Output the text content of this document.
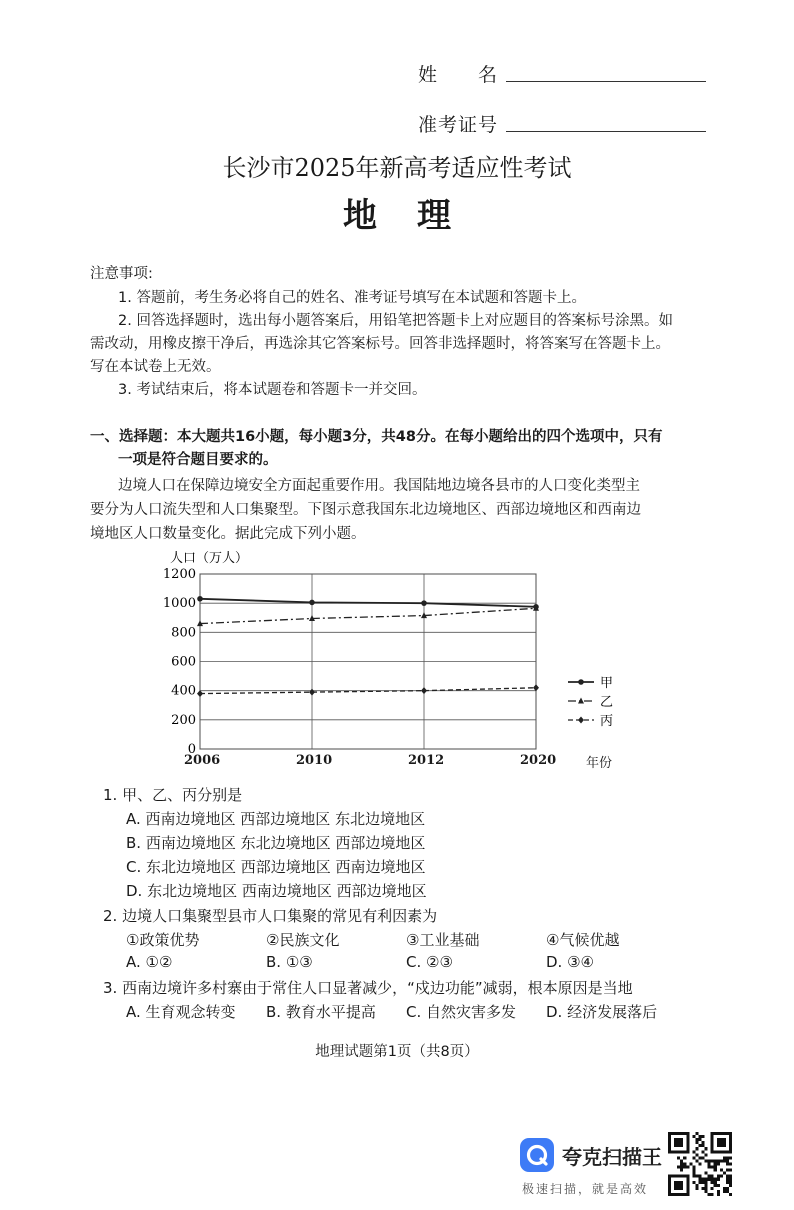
姓　　名
准考证号
长沙市2025年新高考适应性考试
地理
注意事项:
1. 答题前，考生务必将自己的姓名、准考证号填写在本试题和答题卡上。
2. 回答选择题时，选出每小题答案后，用铅笔把答题卡上对应题目的答案标号涂黑。如
需改动，用橡皮擦干净后，再选涂其它答案标号。回答非选择题时，将答案写在答题卡上。
写在本试卷上无效。
3. 考试结束后，将本试题卷和答题卡一并交回。
一、选择题：本大题共16小题，每小题3分，共48分。在每小题给出的四个选项中，只有
一项是符合题目要求的。
边境人口在保障边境安全方面起重要作用。我国陆地边境各县市的人口变化类型主
要分为人口流失型和人口集聚型。下图示意我国东北边境地区、西部边境地区和西南边
境地区人口数量变化。据此完成下列小题。
人口（万人）
0
200
400
600
800
1000
1200
甲
乙
丙
2006	2010	2012	2020 年份
1. 甲、乙、丙分别是
A. 西南边境地区 西部边境地区 东北边境地区
B. 西南边境地区 东北边境地区 西部边境地区
C. 东北边境地区 西部边境地区 西南边境地区
D. 东北边境地区 西南边境地区 西部边境地区
2. 边境人口集聚型县市人口集聚的常见有利因素为
①政策优势	②民族文化	③工业基础	④气候优越
A. ①②	B. ①③	C. ②③	D. ③④
3. 西南边境许多村寨由于常住人口显著减少，“戍边功能”减弱，根本原因是当地
A. 生育观念转变 B. 教育水平提高 C. 自然灾害多发 D. 经济发展落后
地理试题第1页（共8页）
夸克扫描王
极速扫描，就是高效
